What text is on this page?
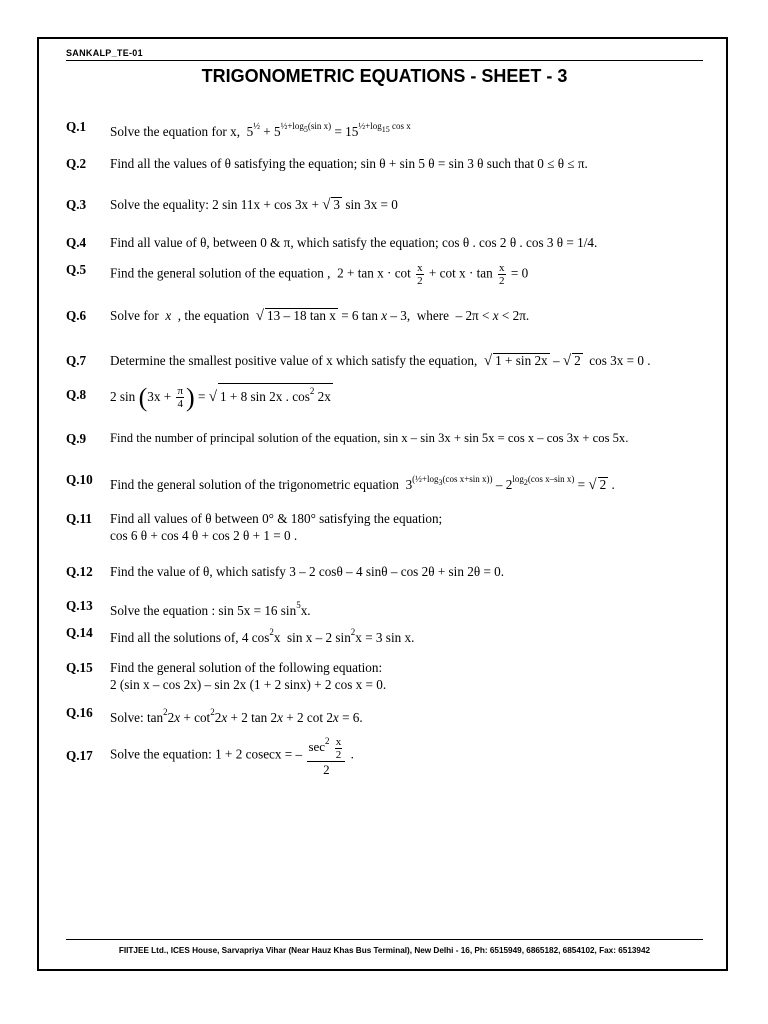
SANKALP_TE-01
TRIGONOMETRIC EQUATIONS - SHEET - 3
Q.1 Solve the equation for x,  $5^{\frac{1}{2}} + 5^{\frac{1}{2}+log5(sin x)} = 15^{\frac{1}{2}+log15 cos x}$
Q.2 Find all the values of θ satisfying the equation; sin θ + sin 5 θ = sin 3 θ such that 0 ≤ θ ≤ π.
Q.3 Solve the equality: 2 sin 11x + cos 3x + √ 3 sin 3x = 0
Q.4 Find all value of θ, between 0 & π, which satisfy the equation; cos θ . cos 2 θ . cos 3 θ = 1/4.
Q.5 Find the general solution of the equation ,  $2 + \tan x \cdot \cot \frac{x}{2} + \cot x \cdot \tan \frac{x}{2} = 0$
Q.6 Solve for x  , the equation  √ 13 – 18 tan x = 6 tan x – 3,  where  – 2π < x < 2π.
Q.7 Determine the smallest positive value of x which satisfy the equation, √ 1 + sin 2x – √ 2  cos 3x = 0 .
Q.8 2 $\sin (3x + \frac{\pi}{4}$ ) = √ 1 + 8 sin 2x . $\cos^2 2x$
Q.9 Find the number of principal solution of the equation, sin x – sin 3x + sin 5x = cos x – cos 3x + cos 5x.
Q.10 Find the general solution of the trigonometric equation  $3^{(\frac{1}{2}+log3(cos x+sin x))} - 2^{log2(cos x-sin x)}$ = √ 2 .
Q.11 Find all values of θ between 0° & 180° satisfying the equation;
cos 6 θ + cos 4 θ + cos 2 θ + 1 = 0 .
Q.12 Find the value of θ, which satisfy 3 – 2 cosθ – 4 sinθ – cos 2θ + sin 2θ = 0.
Q.13 Solve the equation : sin 5x = 16 $\sin^5x$.
Q.14 Find all the solutions of, 4 $\cos^2x$  sin x – 2 $\sin^2x = 3$ sin x.
Q.15 Find the general solution of the following equation:
2 (sin x – cos 2x) – sin 2x (1 + 2 sinx) + 2 cos x = 0.
Q.16 Solve: $\tan^22x + \cot^22x + 2$ tan 2x + 2 cot 2x = 6.
Q.17 Solve the equation: 1 + 2 cosecx = – $\sec^2 \frac{x}{2}$
2
.
FIITJEE Ltd., ICES House, Sarvapriya Vihar (Near Hauz Khas Bus Terminal), New Delhi - 16, Ph: 6515949, 6865182, 6854102, Fax: 6513942
